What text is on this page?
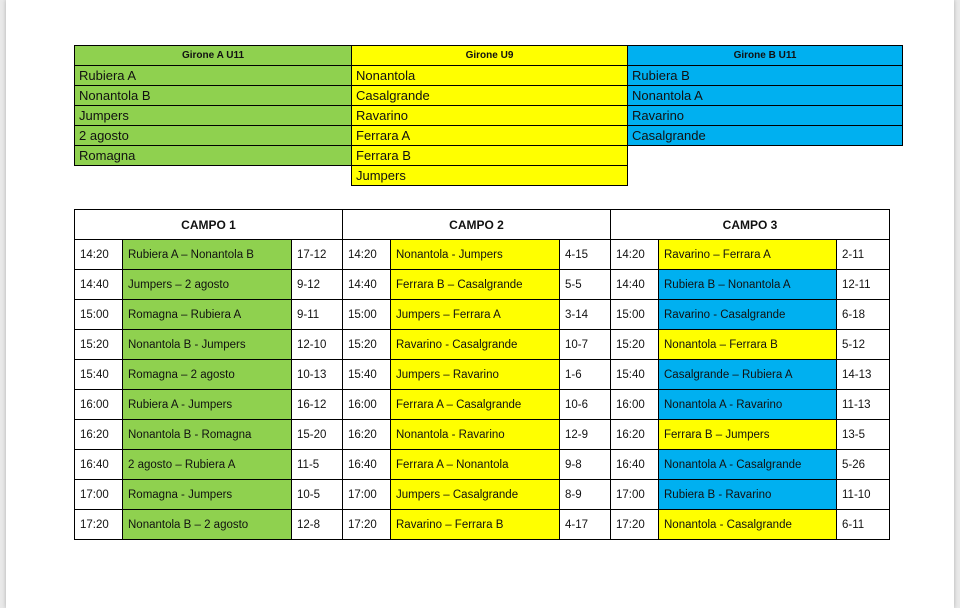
Girone A U11	Girone U9	Girone B U11
Rubiera A	Nonantola	Rubiera B
Nonantola B	Casalgrande	Nonantola A
Jumpers	Ravarino	Ravarino
2 agosto	Ferrara A	Casalgrande
Romagna	Ferrara B	
	Jumpers	
CAMPO 1			CAMPO 2			CAMPO 3		
14:20	Rubiera A – Nonantola B	17-12	14:20	Nonantola - Jumpers	4-15	14:20	Ravarino – Ferrara A	2-11
14:40	Jumpers – 2 agosto	9-12	14:40	Ferrara B – Casalgrande	5-5	14:40	Rubiera B – Nonantola A	12-11
15:00	Romagna – Rubiera A	9-11	15:00	Jumpers – Ferrara A	3-14	15:00	Ravarino - Casalgrande	6-18
15:20	Nonantola B - Jumpers	12-10	15:20	Ravarino - Casalgrande	10-7	15:20	Nonantola – Ferrara B	5-12
15:40	Romagna – 2 agosto	10-13	15:40	Jumpers – Ravarino	1-6	15:40	Casalgrande – Rubiera A	14-13
16:00	Rubiera A - Jumpers	16-12	16:00	Ferrara A – Casalgrande	10-6	16:00	Nonantola A - Ravarino	11-13
16:20	Nonantola B - Romagna	15-20	16:20	Nonantola - Ravarino	12-9	16:20	Ferrara B – Jumpers	13-5
16:40	2 agosto – Rubiera A	11-5	16:40	Ferrara A – Nonantola	9-8	16:40	Nonantola A - Casalgrande	5-26
17:00	Romagna - Jumpers	10-5	17:00	Jumpers – Casalgrande	8-9	17:00	Rubiera B - Ravarino	11-10
17:20	Nonantola B – 2 agosto	12-8	17:20	Ravarino – Ferrara B	4-17	17:20	Nonantola - Casalgrande	6-11
